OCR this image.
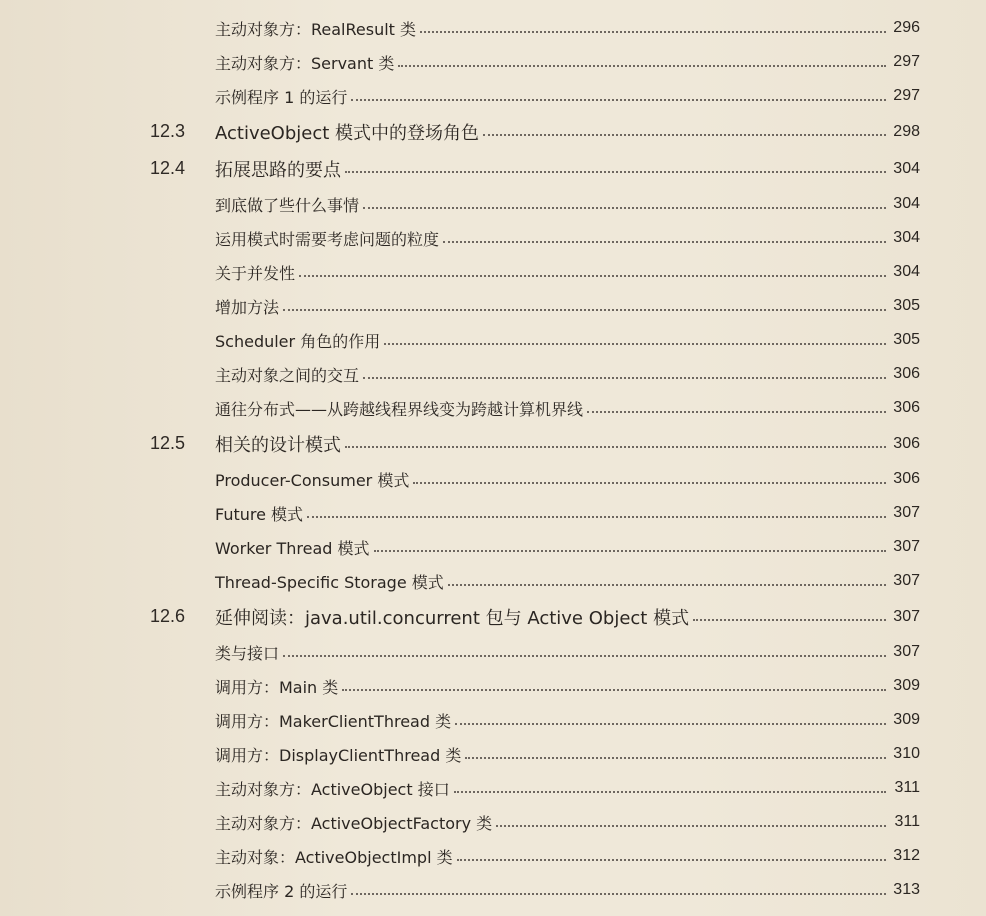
主动对象方：RealResult 类	296
主动对象方：Servant 类	297
示例程序 1 的运行	297
12.3 ActiveObject 模式中的登场角色	298
12.4 拓展思路的要点	304
到底做了些什么事情	304
运用模式时需要考虑问题的粒度	304
关于并发性	304
增加方法	305
Scheduler 角色的作用	305
主动对象之间的交互	306
通往分布式——从跨越线程界线变为跨越计算机界线	306
12.5 相关的设计模式	306
Producer-Consumer 模式	306
Future 模式	307
Worker Thread 模式	307
Thread-Specific Storage 模式	307
12.6 延伸阅读：java.util.concurrent 包与 Active Object 模式	307
类与接口	307
调用方：Main 类	309
调用方：MakerClientThread 类	309
调用方：DisplayClientThread 类	310
主动对象方：ActiveObject 接口	311
主动对象方：ActiveObjectFactory 类	311
主动对象：ActiveObjectImpl 类	312
示例程序 2 的运行	313
